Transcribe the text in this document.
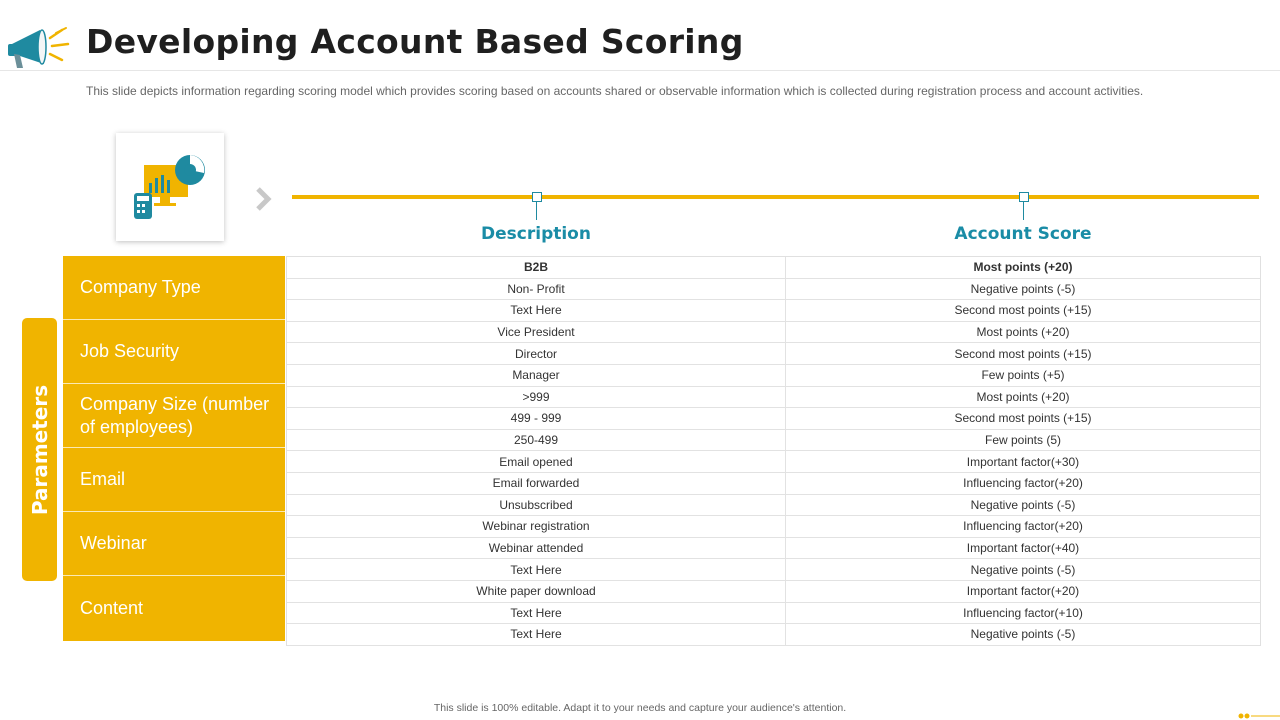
Developing Account Based Scoring
This slide depicts information regarding scoring model which provides scoring based on accounts shared or observable information which is collected during registration process and account activities.
Description	Account Score
Parameters
Company Type
Job Security
Company Size (number of employees)
Email
Webinar
Content
B2B	Most points (+20)
Non- Profit	Negative points (-5)
Text Here	Second most points (+15)
Vice President	Most points (+20)
Director	Second most points (+15)
Manager	Few points (+5)
>999	Most points (+20)
499 - 999	Second most points (+15)
250-499	Few points (5)
Email opened	Important factor(+30)
Email forwarded	Influencing factor(+20)
Unsubscribed	Negative points (-5)
Webinar registration	Influencing factor(+20)
Webinar attended	Important factor(+40)
Text Here	Negative points (-5)
White paper download	Important factor(+20)
Text Here	Influencing factor(+10)
Text Here	Negative points (-5)
This slide is 100% editable. Adapt it to your needs and capture your audience's attention.
